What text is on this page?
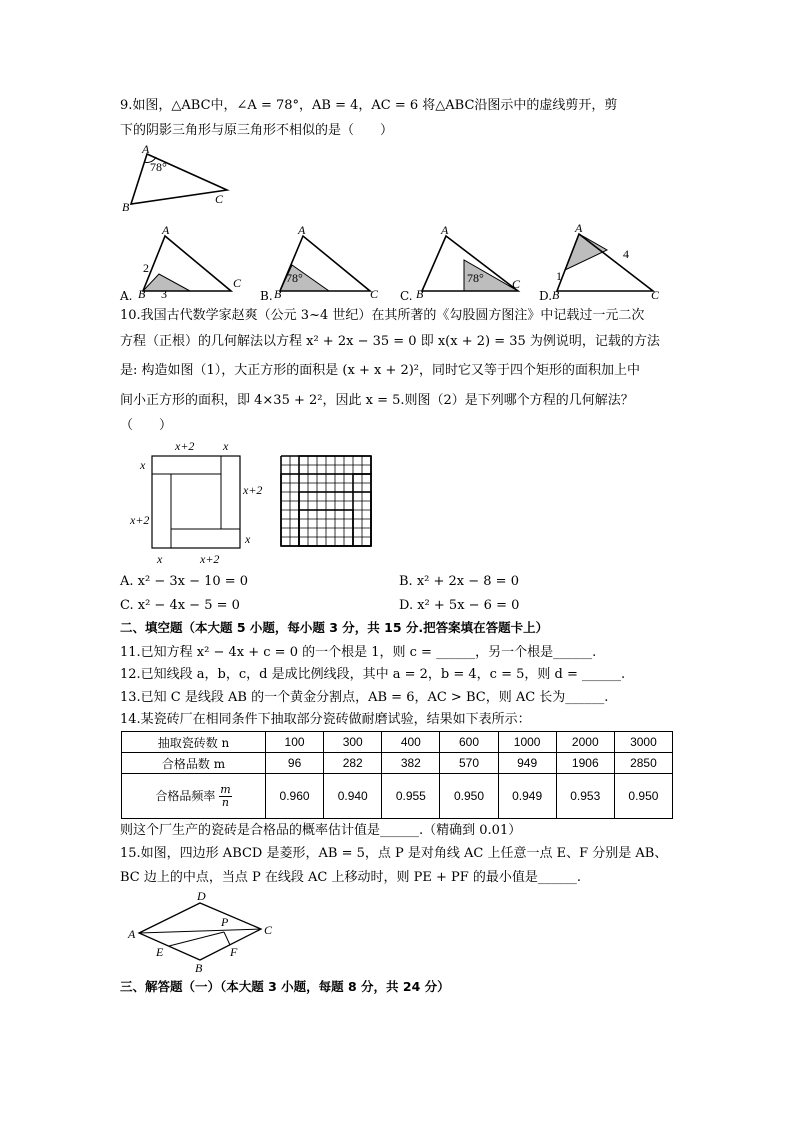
9.如图，△ABC中，∠A = 78°，AB = 4，AC = 6 将△ABC沿图示中的虚线剪开，剪
下的阴影三角形与原三角形不相似的是（　　）
A
78°
B
C
A.
A
B
C
2
3	B.
A
B	C
78°
C.
A
B
C
78°
D.
A
B	C
1
4
10.我国古代数学家赵爽（公元 3~4 世纪）在其所著的《勾股圆方图注》中记载过一元二次
方程（正根）的几何解法以方程 x² + 2x − 35 = 0 即 x(x + 2) = 35 为例说明，记载的方法
是: 构造如图（1），大正方形的面积是 (x + x + 2)²，同时它又等于四个矩形的面积加上中
间小正方形的面积，即 4×35 + 2²，因此 x = 5.则图（2）是下列哪个方程的几何解法？
（　　）
x+2 x
x
x+2
x+2
x
x	x+2
A. x² − 3x − 10 = 0	B. x² + 2x − 8 = 0
C. x² − 4x − 5 = 0	D. x² + 5x − 6 = 0
二、填空题（本大题 5 小题，每小题 3 分，共 15 分.把答案填在答题卡上）
11.已知方程 x² − 4x + c = 0 的一个根是 1，则 c = ______，另一个根是______.
12.已知线段 a，b，c，d 是成比例线段，其中 a = 2，b = 4，c = 5，则 d = ______.
13.已知 C 是线段 AB 的一个黄金分割点，AB = 6，AC > BC，则 AC 长为______.
14.某瓷砖厂在相同条件下抽取部分瓷砖做耐磨试验，结果如下表所示：
抽取瓷砖数 n	100	300	400	600	1000	2000	3000
合格品数 m	96	282	382	570	949	1906	2850
合格品频率 $\frac{m}{n}$	0.960	0.940	0.955	0.950	0.949	0.953	0.950
则这个厂生产的瓷砖是合格品的概率估计值是______.（精确到 0.01）
15.如图，四边形 ABCD 是菱形，AB = 5，点 P 是对角线 AC 上任意一点 E、F 分别是 AB、
BC 边上的中点，当点 P 在线段 AC 上移动时，则 PE + PF 的最小值是______.
A
D
C
B
E	F
P
三、解答题（一）（本大题 3 小题，每题 8 分，共 24 分）
